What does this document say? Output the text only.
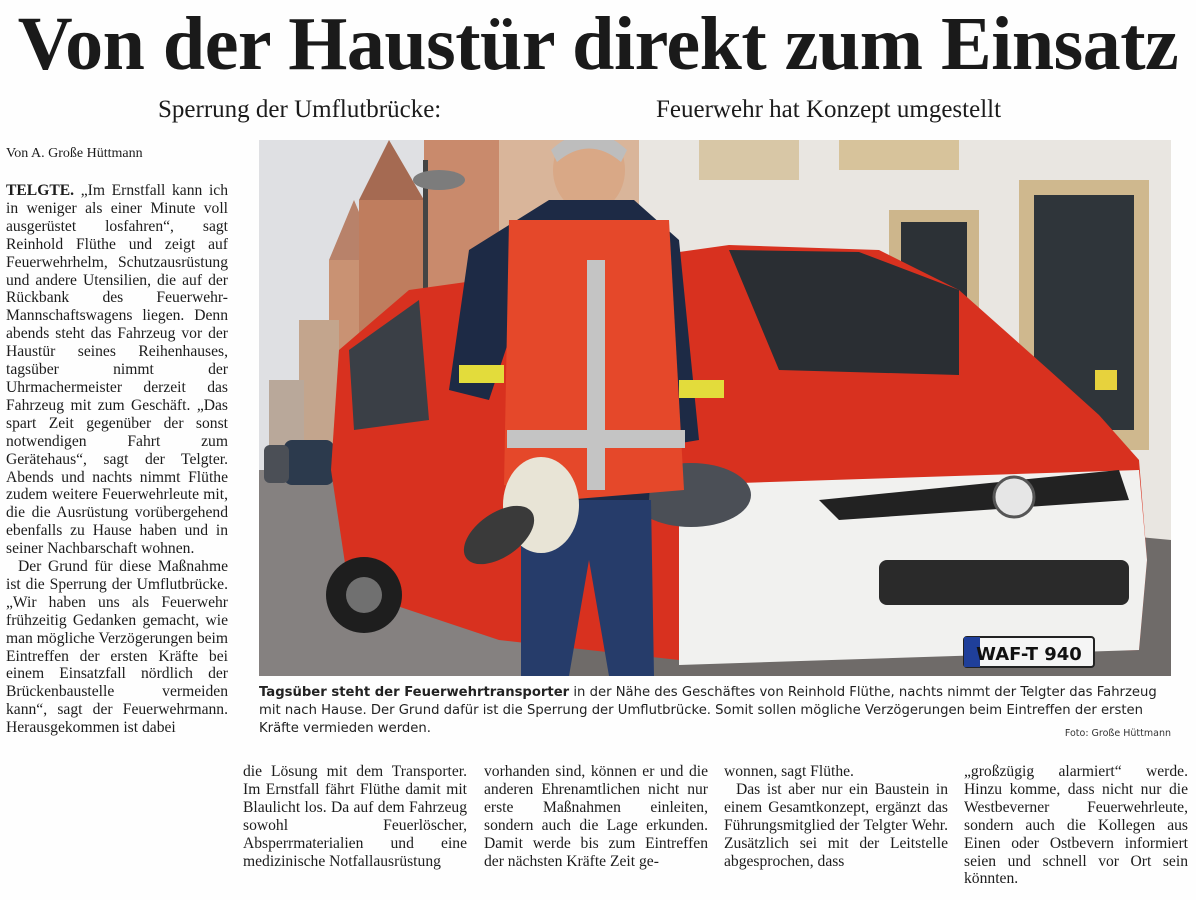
Von der Haustür direkt zum Einsatz
Sperrung der Umflutbrücke:	Feuerwehr hat Konzept umgestellt
Von A. Große Hüttmann
TELGTE. „Im Ernstfall kann ich in weniger als einer Minute voll ausgerüstet losfahren“, sagt Reinhold Flüthe und zeigt auf Feuerwehrhelm, Schutzausrüstung und andere Utensilien, die auf der Rückbank des Feuerwehr-Mannschaftswagens liegen. Denn abends steht das Fahrzeug vor der Haustür seines Reihenhauses, tagsüber nimmt der Uhrmachermeister derzeit das Fahrzeug mit zum Geschäft. „Das spart Zeit gegenüber der sonst notwendigen Fahrt zum Gerätehaus“, sagt der Telgter. Abends und nachts nimmt Flüthe zudem weitere Feuerwehrleute mit, die die Ausrüstung vorübergehend ebenfalls zu Hause haben und in seiner Nachbarschaft wohnen.
Der Grund für diese Maßnahme ist die Sperrung der Umflutbrücke. „Wir haben uns als Feuerwehr frühzeitig Gedanken gemacht, wie man mögliche Verzögerungen beim Eintreffen der ersten Kräfte bei einem Einsatzfall nördlich der Brückenbaustelle vermeiden kann“, sagt der Feuerwehrmann. Herausgekommen ist dabei
WAF-T 940
Tagsüber steht der Feuerwehrtransporter in der Nähe des Geschäftes von Reinhold Flüthe, nachts nimmt der Telgter das Fahrzeug mit nach Hause. Der Grund dafür ist die Sperrung der Umflutbrücke. Somit sollen mögliche Verzögerungen beim Eintreffen der ersten Kräfte vermieden werden.	Foto: Große Hüttmann
die Lösung mit dem Transporter. Im Ernstfall fährt Flüthe damit mit Blaulicht los. Da auf dem Fahrzeug sowohl Feuerlöscher, Absperrmaterialien und eine medizinische Notfallausrüstung
vorhanden sind, können er und die anderen Ehrenamtlichen nicht nur erste Maßnahmen einleiten, sondern auch die Lage erkunden. Damit werde bis zum Eintreffen der nächsten Kräfte Zeit ge-
wonnen, sagt Flüthe.
Das ist aber nur ein Baustein in einem Gesamtkonzept, ergänzt das Führungsmitglied der Telgter Wehr. Zusätzlich sei mit der Leitstelle abgesprochen, dass
„großzügig alarmiert“ werde. Hinzu komme, dass nicht nur die Westbeverner Feuerwehrleute, sondern auch die Kollegen aus Einen oder Ostbevern informiert seien und schnell vor Ort sein könnten.
